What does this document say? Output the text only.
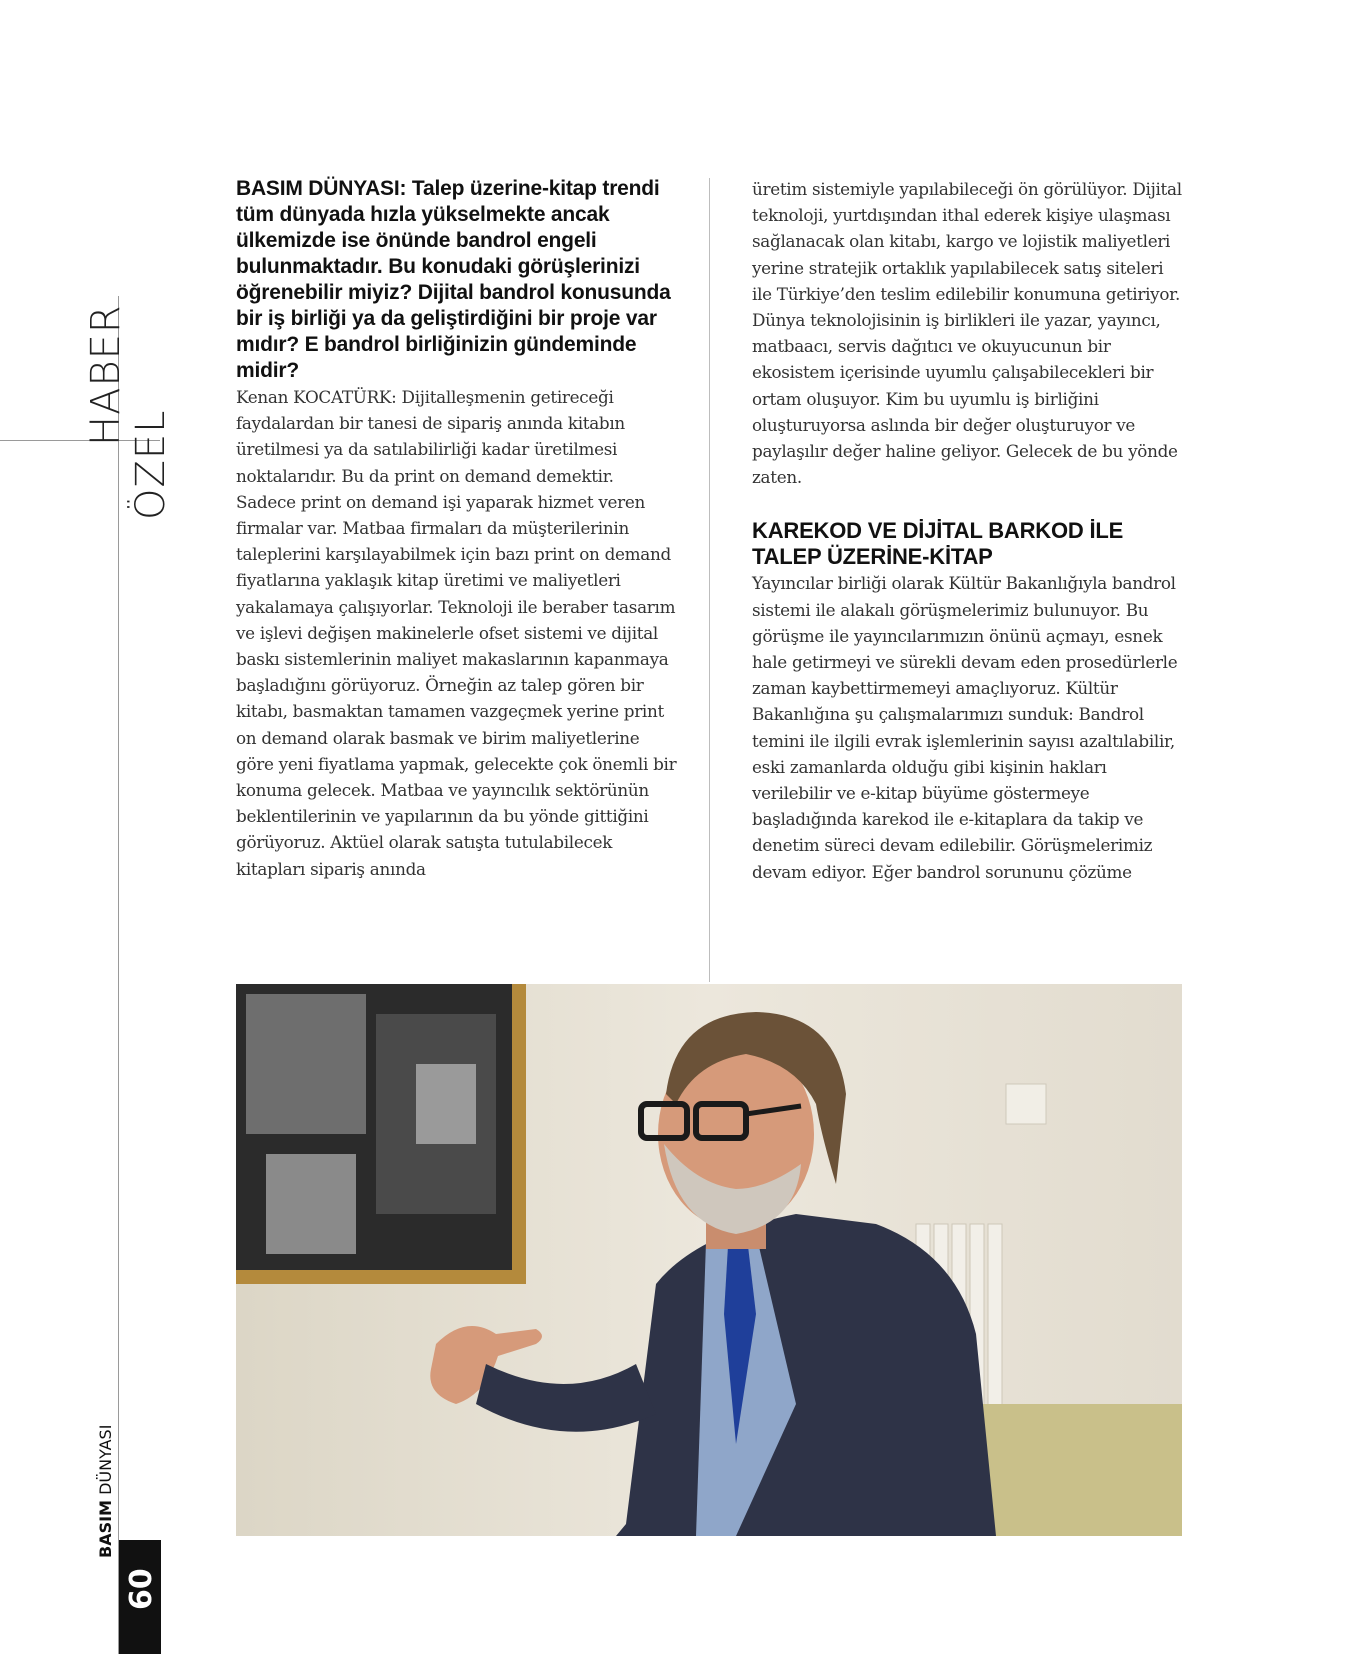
HABER
ÖZEL
BASIM DÜNYASI
60

BASIM DÜNYASI: Talep üzerine-kitap trendi tüm dünyada hızla yükselmekte ancak ülkemizde ise önünde bandrol engeli bulunmaktadır. Bu konudaki görüşlerinizi öğrenebilir miyiz? Dijital bandrol konusunda bir iş birliği ya da geliştirdiğini bir proje var mıdır? E bandrol birliğinizin gündeminde midir?

Kenan KOCATÜRK: Dijitalleşmenin getireceği faydalardan bir tanesi de sipariş anında kitabın üretilmesi ya da satılabilirliği kadar üretilmesi noktalarıdır. Bu da print on demand demektir. Sadece print on demand işi yaparak hizmet veren firmalar var. Matbaa firmaları da müşterilerinin taleplerini karşılayabilmek için bazı print on demand fiyatlarına yaklaşık kitap üretimi ve maliyetleri yakalamaya çalışıyorlar. Teknoloji ile beraber tasarım ve işlevi değişen makinelerle ofset sistemi ve dijital baskı sistemlerinin maliyet makaslarının kapanmaya başladığını görüyoruz. Örneğin az talep gören bir kitabı, basmaktan tamamen vazgeçmek yerine print on demand olarak basmak ve birim maliyetlerine göre yeni fiyatlama yapmak, gelecekte çok önemli bir konuma gelecek. Matbaa ve yayıncılık sektörünün beklentilerinin ve yapılarının da bu yönde gittiğini görüyoruz. Aktüel olarak satışta tutulabilecek kitapları sipariş anında

üretim sistemiyle yapılabileceği ön görülüyor. Dijital teknoloji, yurtdışından ithal ederek kişiye ulaşması sağlanacak olan kitabı, kargo ve lojistik maliyetleri yerine stratejik ortaklık yapılabilecek satış siteleri ile Türkiye’den teslim edilebilir konumuna getiriyor. Dünya teknolojisinin iş birlikleri ile yazar, yayıncı, matbaacı, servis dağıtıcı ve okuyucunun bir ekosistem içerisinde uyumlu çalışabilecekleri bir ortam oluşuyor. Kim bu uyumlu iş birliğini oluşturuyorsa aslında bir değer oluşturuyor ve paylaşılır değer haline geliyor. Gelecek de bu yönde zaten.

KAREKOD VE DİJİTAL BARKOD İLE TALEP ÜZERİNE-KİTAP

Yayıncılar birliği olarak Kültür Bakanlığıyla bandrol sistemi ile alakalı görüşmelerimiz bulunuyor. Bu görüşme ile yayıncılarımızın önünü açmayı, esnek hale getirmeyi ve sürekli devam eden prosedürlerle zaman kaybettirmemeyi amaçlıyoruz. Kültür Bakanlığına şu çalışmalarımızı sunduk: Bandrol temini ile ilgili evrak işlemlerinin sayısı azaltılabilir, eski zamanlarda olduğu gibi kişinin hakları verilebilir ve e-kitap büyüme göstermeye başladığında karekod ile e-kitaplara da takip ve denetim süreci devam edilebilir. Görüşmelerimiz devam ediyor. Eğer bandrol sorununu çözüme
